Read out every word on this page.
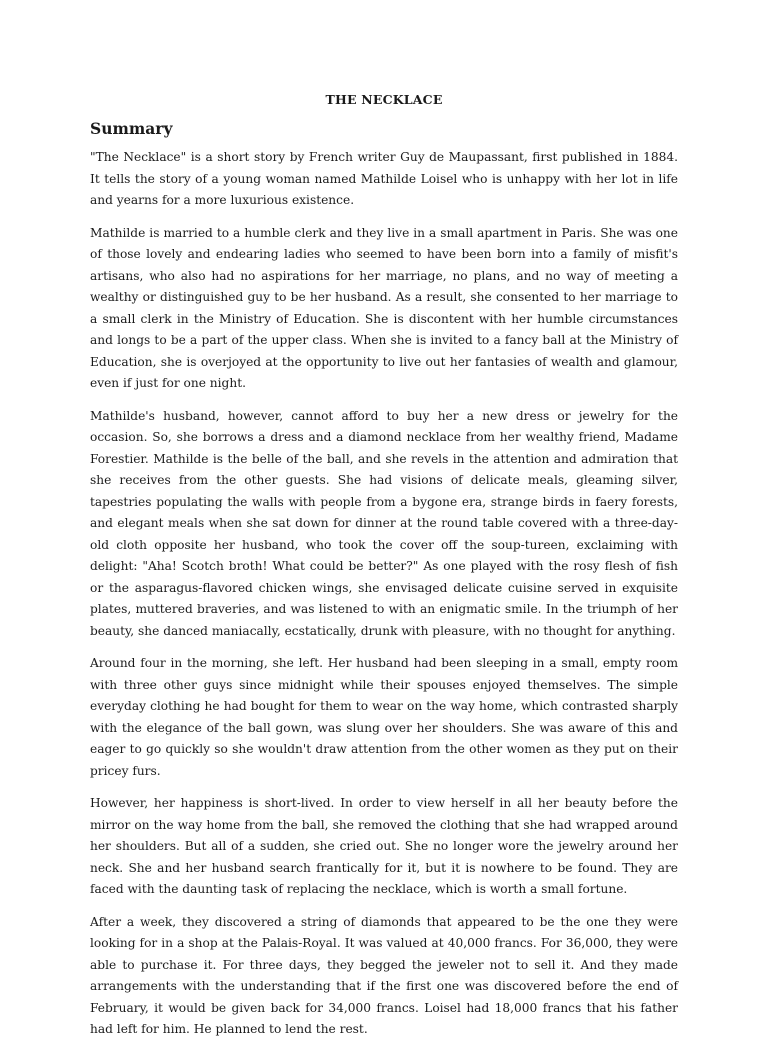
THE NECKLACE
Summary

"The Necklace" is a short story by French writer Guy de Maupassant, first published in 1884. It tells the story of a young woman named Mathilde Loisel who is unhappy with her lot in life and yearns for a more luxurious existence.

Mathilde is married to a humble clerk and they live in a small apartment in Paris. She was one of those lovely and endearing ladies who seemed to have been born into a family of misfit's artisans, who also had no aspirations for her marriage, no plans, and no way of meeting a wealthy or distinguished guy to be her husband. As a result, she consented to her marriage to a small clerk in the Ministry of Education. She is discontent with her humble circumstances and longs to be a part of the upper class. When she is invited to a fancy ball at the Ministry of Education, she is overjoyed at the opportunity to live out her fantasies of wealth and glamour, even if just for one night.

Mathilde's husband, however, cannot afford to buy her a new dress or jewelry for the occasion. So, she borrows a dress and a diamond necklace from her wealthy friend, Madame Forestier. Mathilde is the belle of the ball, and she revels in the attention and admiration that she receives from the other guests. She had visions of delicate meals, gleaming silver, tapestries populating the walls with people from a bygone era, strange birds in faery forests, and elegant meals when she sat down for dinner at the round table covered with a three-day-old cloth opposite her husband, who took the cover off the soup-tureen, exclaiming with delight: "Aha! Scotch broth! What could be better?" As one played with the rosy flesh of fish or the asparagus-flavored chicken wings, she envisaged delicate cuisine served in exquisite plates, muttered braveries, and was listened to with an enigmatic smile. In the triumph of her beauty, she danced maniacally, ecstatically, drunk with pleasure, with no thought for anything.

Around four in the morning, she left. Her husband had been sleeping in a small, empty room with three other guys since midnight while their spouses enjoyed themselves. The simple everyday clothing he had bought for them to wear on the way home, which contrasted sharply with the elegance of the ball gown, was slung over her shoulders. She was aware of this and eager to go quickly so she wouldn't draw attention from the other women as they put on their pricey furs.

However, her happiness is short-lived. In order to view herself in all her beauty before the mirror on the way home from the ball, she removed the clothing that she had wrapped around her shoulders. But all of a sudden, she cried out. She no longer wore the jewelry around her neck. She and her husband search frantically for it, but it is nowhere to be found. They are faced with the daunting task of replacing the necklace, which is worth a small fortune.

After a week, they discovered a string of diamonds that appeared to be the one they were looking for in a shop at the Palais-Royal. It was valued at 40,000 francs. For 36,000, they were able to purchase it. For three days, they begged the jeweler not to sell it. And they made arrangements with the understanding that if the first one was discovered before the end of February, it would be given back for 34,000 francs. Loisel had 18,000 francs that his father had left for him. He planned to lend the rest.
